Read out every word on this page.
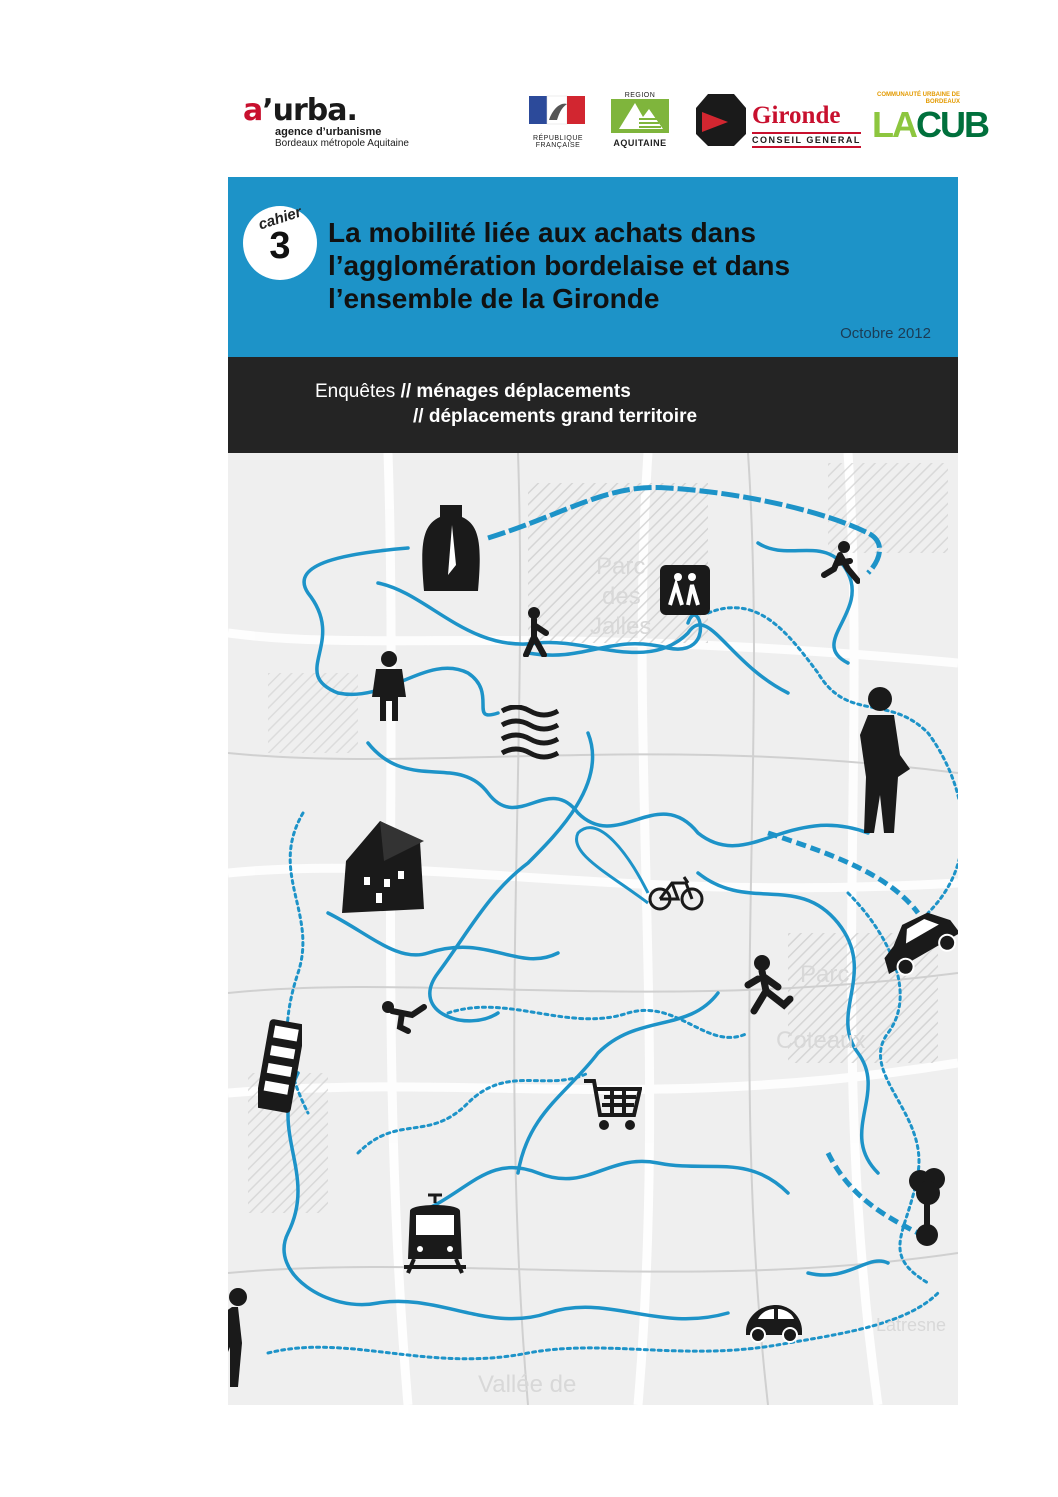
a’urba.
agence d’urbanisme
Bordeaux métropole Aquitaine	RÉPUBLIQUE FRANÇAISE
REGION
AQUITAINE
Gironde
CONSEIL GENERAL
COMMUNAUTÉ URBAINE DE BORDEAUX
LACUB
cahier
3	La mobilité liée aux achats dans l’agglomération bordelaise et dans l’ensemble de la Gironde
Octobre 2012
Enquêtes // ménages déplacements
// déplacements grand territoire
Parc
des
Jalles
Parc
Coteaux
Latresne
Vallée de
